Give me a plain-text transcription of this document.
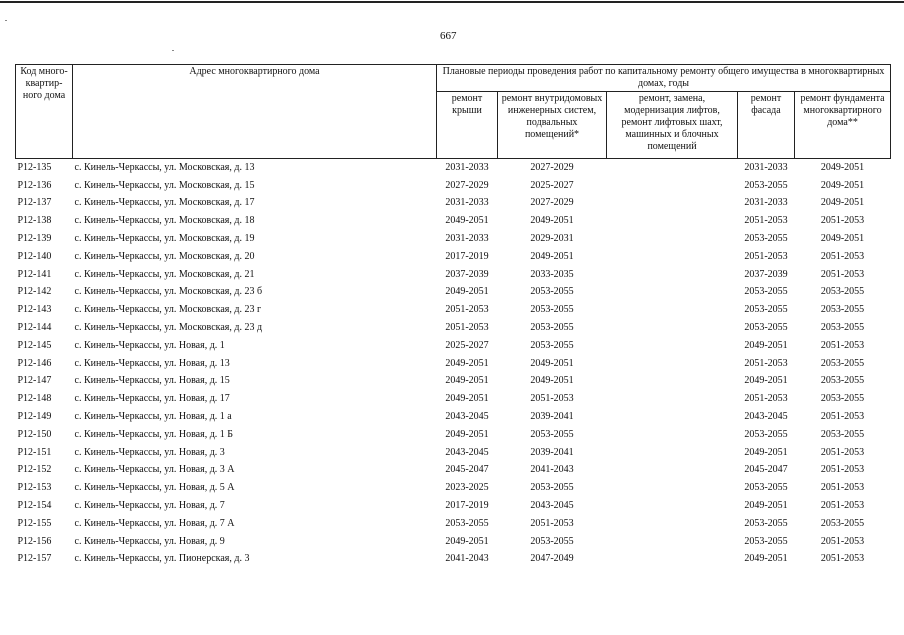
667
Код много-квартир-ного дома	Адрес многоквартирного дома	Плановые периоды проведения работ по капитальному ремонту общего имущества в многоквартирных домах, годы				
		ремонт крыши	ремонт внутридомовых инженерных систем, подвальных помещений*	ремонт, замена, модернизация лифтов, ремонт лифтовых шахт, машинных и блочных помещений	ремонт фасада	ремонт фундамента многоквартирного дома**
P12-135	с. Кинель-Черкассы, ул. Московская, д. 13	2031-2033	2027-2029		2031-2033	2049-2051
P12-136	с. Кинель-Черкассы, ул. Московская, д. 15	2027-2029	2025-2027		2053-2055	2049-2051
P12-137	с. Кинель-Черкассы, ул. Московская, д. 17	2031-2033	2027-2029		2031-2033	2049-2051
P12-138	с. Кинель-Черкассы, ул. Московская, д. 18	2049-2051	2049-2051		2051-2053	2051-2053
P12-139	с. Кинель-Черкассы, ул. Московская, д. 19	2031-2033	2029-2031		2053-2055	2049-2051
P12-140	с. Кинель-Черкассы, ул. Московская, д. 20	2017-2019	2049-2051		2051-2053	2051-2053
P12-141	с. Кинель-Черкассы, ул. Московская, д. 21	2037-2039	2033-2035		2037-2039	2051-2053
P12-142	с. Кинель-Черкассы, ул. Московская, д. 23 б	2049-2051	2053-2055		2053-2055	2053-2055
P12-143	с. Кинель-Черкассы, ул. Московская, д. 23 г	2051-2053	2053-2055		2053-2055	2053-2055
P12-144	с. Кинель-Черкассы, ул. Московская, д. 23 д	2051-2053	2053-2055		2053-2055	2053-2055
P12-145	с. Кинель-Черкассы, ул. Новая, д. 1	2025-2027	2053-2055		2049-2051	2051-2053
P12-146	с. Кинель-Черкассы, ул. Новая, д. 13	2049-2051	2049-2051		2051-2053	2053-2055
P12-147	с. Кинель-Черкассы, ул. Новая, д. 15	2049-2051	2049-2051		2049-2051	2053-2055
P12-148	с. Кинель-Черкассы, ул. Новая, д. 17	2049-2051	2051-2053		2051-2053	2053-2055
P12-149	с. Кинель-Черкассы, ул. Новая, д. 1 а	2043-2045	2039-2041		2043-2045	2051-2053
P12-150	с. Кинель-Черкассы, ул. Новая, д. 1 Б	2049-2051	2053-2055		2053-2055	2053-2055
P12-151	с. Кинель-Черкассы, ул. Новая, д. 3	2043-2045	2039-2041		2049-2051	2051-2053
P12-152	с. Кинель-Черкассы, ул. Новая, д. 3 А	2045-2047	2041-2043		2045-2047	2051-2053
P12-153	с. Кинель-Черкассы, ул. Новая, д. 5 А	2023-2025	2053-2055		2053-2055	2051-2053
P12-154	с. Кинель-Черкассы, ул. Новая, д. 7	2017-2019	2043-2045		2049-2051	2051-2053
P12-155	с. Кинель-Черкассы, ул. Новая, д. 7 А	2053-2055	2051-2053		2053-2055	2053-2055
P12-156	с. Кинель-Черкассы, ул. Новая, д. 9	2049-2051	2053-2055		2053-2055	2051-2053
P12-157	с. Кинель-Черкассы, ул. Пионерская, д. 3	2041-2043	2047-2049		2049-2051	2051-2053
